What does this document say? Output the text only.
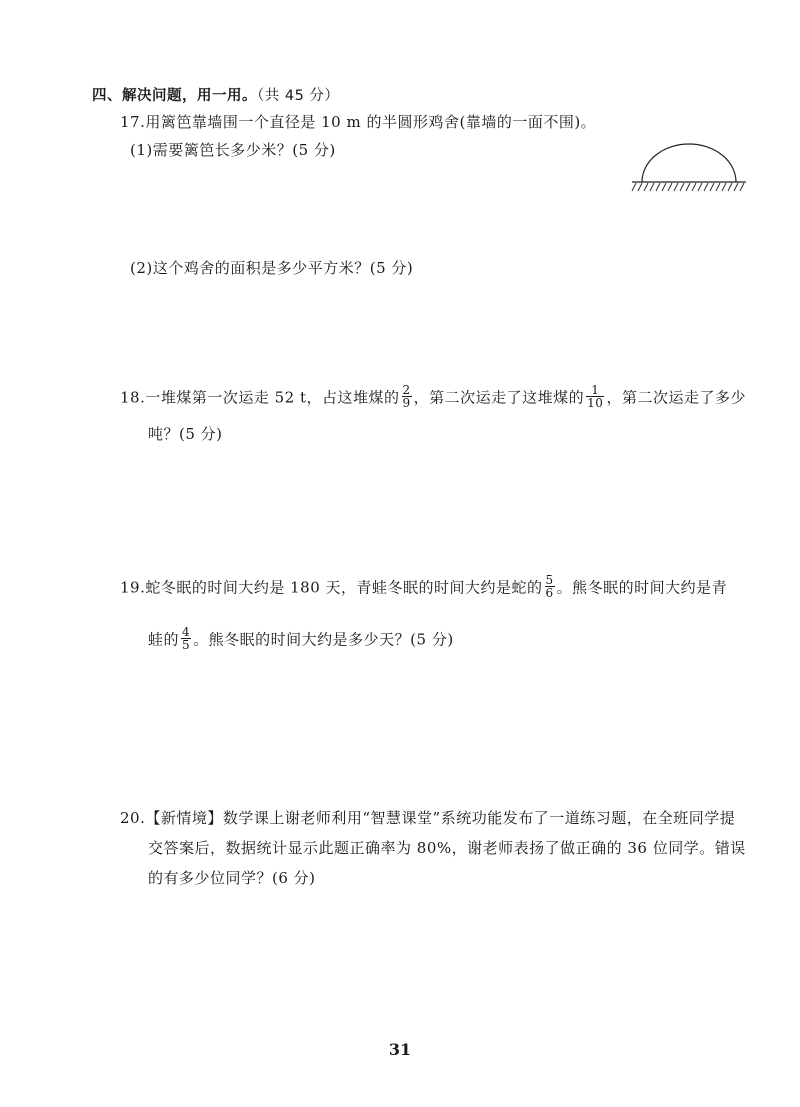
四、解决问题，用一用。（共 45 分）
17.用篱笆靠墙围一个直径是 10 m 的半圆形鸡舍(靠墙的一面不围)。
(1)需要篱笆长多少米？(5 分)
(2)这个鸡舍的面积是多少平方米？(5 分)
18.一堆煤第一次运走 52 t，占这堆煤的 $\frac{2}{9}$ ，第二次运走了这堆煤的 $\frac{1}{10}$ ，第二次运走了多少
吨？(5 分)
19.蛇冬眠的时间大约是 180 天，青蛙冬眠的时间大约是蛇的 $\frac{5}{6}$ 。熊冬眠的时间大约是青
蛙的 $\frac{4}{5}$ 。熊冬眠的时间大约是多少天？(5 分)
20.【新情境】数学课上谢老师利用“智慧课堂”系统功能发布了一道练习题，在全班同学提
交答案后，数据统计显示此题正确率为 80%，谢老师表扬了做正确的 36 位同学。错误
的有多少位同学？(6 分)
31
